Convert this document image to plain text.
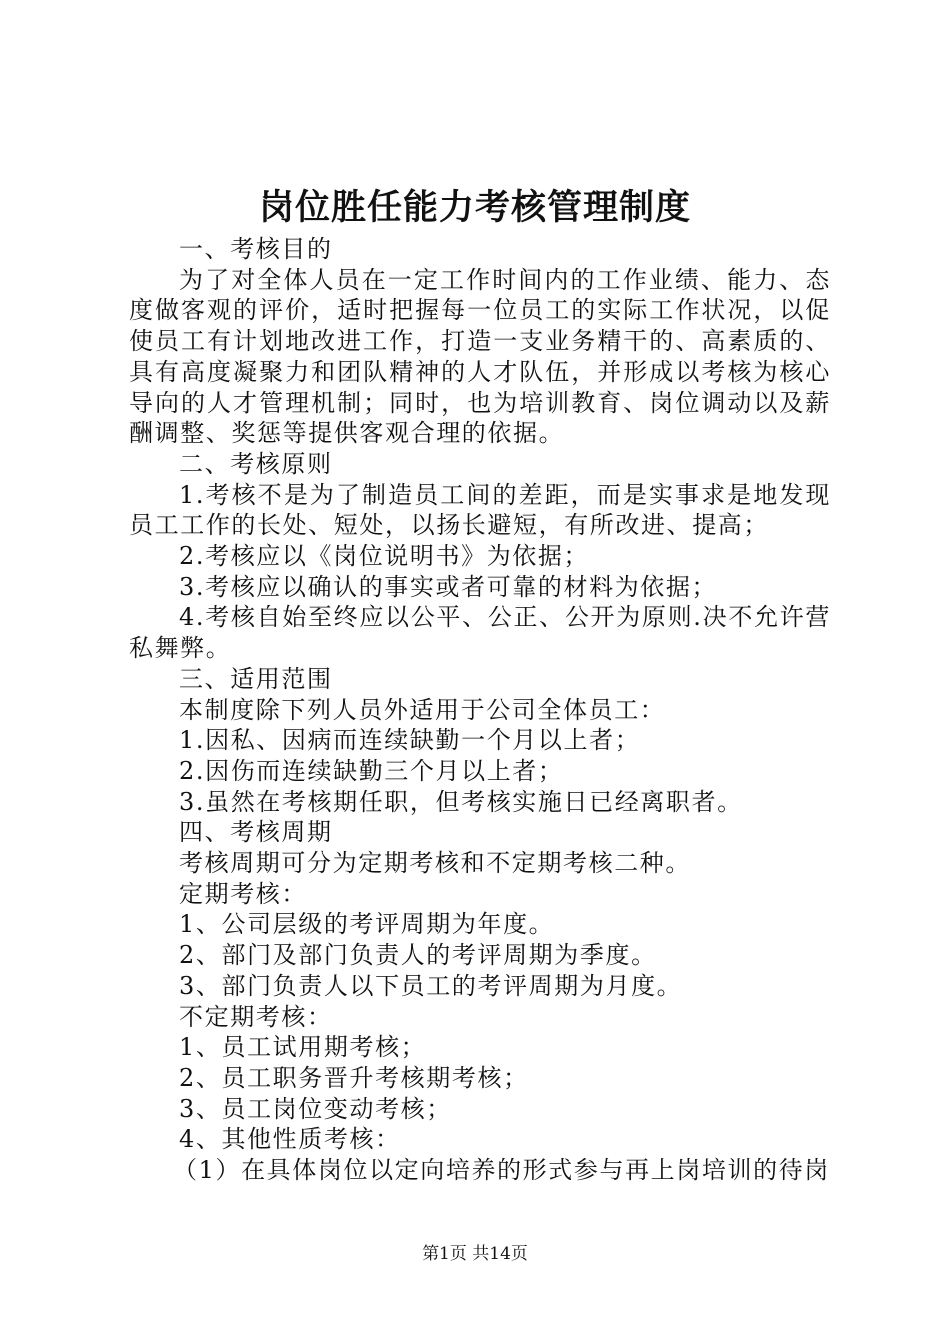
岗位胜任能力考核管理制度

一、考核目的

为了对全体人员在一定工作时间内的工作业绩、能力、态度做客观的评价，适时把握每一位员工的实际工作状况，以促使员工有计划地改进工作，打造一支业务精干的、高素质的、具有高度凝聚力和团队精神的人才队伍，并形成以考核为核心导向的人才管理机制；同时，也为培训教育、岗位调动以及薪酬调整、奖惩等提供客观合理的依据。

二、考核原则

1.考核不是为了制造员工间的差距，而是实事求是地发现员工工作的长处、短处，以扬长避短，有所改进、提高；

2.考核应以《岗位说明书》为依据；

3.考核应以确认的事实或者可靠的材料为依据；

4.考核自始至终应以公平、公正、公开为原则.决不允许营私舞弊。

三、适用范围

本制度除下列人员外适用于公司全体员工：

1.因私、因病而连续缺勤一个月以上者；

2.因伤而连续缺勤三个月以上者；

3.虽然在考核期任职，但考核实施日已经离职者。

四、考核周期

考核周期可分为定期考核和不定期考核二种。

定期考核：

1、公司层级的考评周期为年度。

2、部门及部门负责人的考评周期为季度。

3、部门负责人以下员工的考评周期为月度。

不定期考核：

1、员工试用期考核；

2、员工职务晋升考核期考核；

3、员工岗位变动考核；

4、其他性质考核：

（1）在具体岗位以定向培养的形式参与再上岗培训的待岗

第1页 共14页
